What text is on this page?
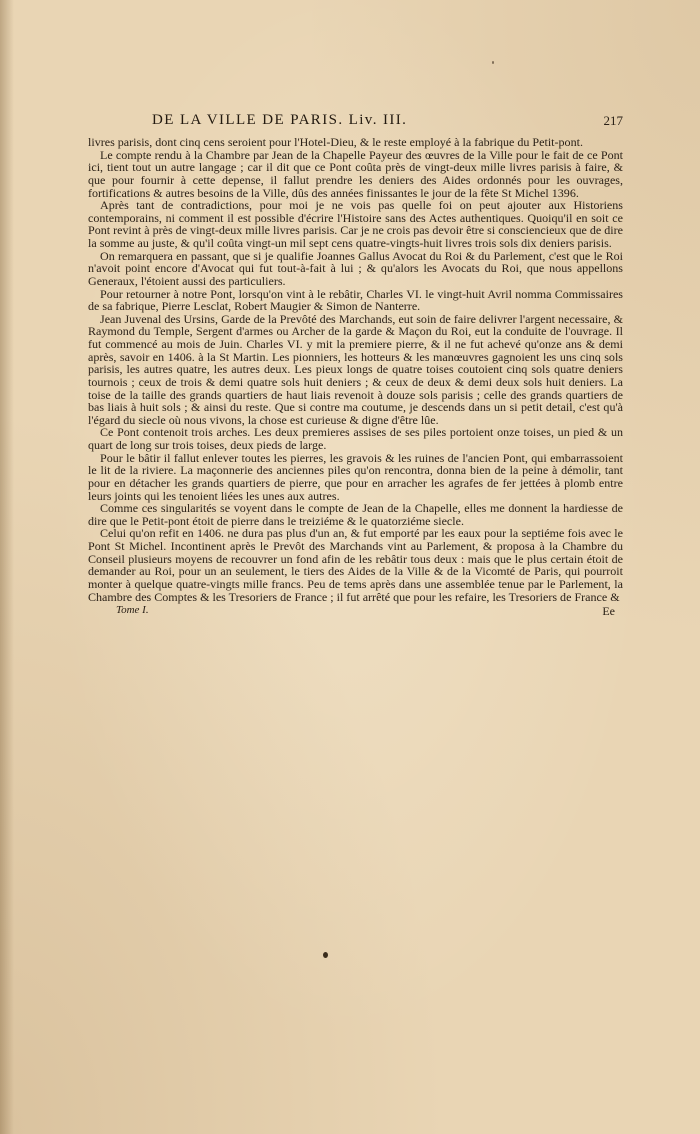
DE LA VILLE DE PARIS. Liv. III.	217

livres parisis, dont cinq cens seroient pour l'Hotel-Dieu, & le reste employé à la fabrique du Petit-pont.

Le compte rendu à la Chambre par Jean de la Chapelle Payeur des œuvres de la Ville pour le fait de ce Pont ici, tient tout un autre langage ; car il dit que ce Pont coûta près de vingt-deux mille livres parisis à faire, & que pour fournir à cette depense, il fallut prendre les deniers des Aides ordonnés pour les ouvrages, fortifications & autres besoins de la Ville, dûs des années finissantes le jour de la fête St Michel 1396.

Après tant de contradictions, pour moi je ne vois pas quelle foi on peut ajouter aux Historiens contemporains, ni comment il est possible d'écrire l'Histoire sans des Actes authentiques. Quoiqu'il en soit ce Pont revint à près de vingt-deux mille livres parisis. Car je ne crois pas devoir être si consciencieux que de dire la somme au juste, & qu'il coûta vingt-un mil sept cens quatre-vingts-huit livres trois sols dix deniers parisis.

On remarquera en passant, que si je qualifie Joannes Gallus Avocat du Roi & du Parlement, c'est que le Roi n'avoit point encore d'Avocat qui fut tout-à-fait à lui ; & qu'alors les Avocats du Roi, que nous appellons Generaux, l'étoient aussi des particuliers.

Pour retourner à notre Pont, lorsqu'on vint à le rebâtir, Charles VI. le vingt-huit Avril nomma Commissaires de sa fabrique, Pierre Lesclat, Robert Maugier & Simon de Nanterre.

Jean Juvenal des Ursins, Garde de la Prevôté des Marchands, eut soin de faire delivrer l'argent necessaire, & Raymond du Temple, Sergent d'armes ou Archer de la garde & Maçon du Roi, eut la conduite de l'ouvrage. Il fut commencé au mois de Juin. Charles VI. y mit la premiere pierre, & il ne fut achevé qu'onze ans & demi après, savoir en 1406. à la St Martin. Les pionniers, les hotteurs & les manœuvres gagnoient les uns cinq sols parisis, les autres quatre, les autres deux. Les pieux longs de quatre toises coutoient cinq sols quatre deniers tournois ; ceux de trois & demi quatre sols huit deniers ; & ceux de deux & demi deux sols huit deniers. La toise de la taille des grands quartiers de haut liais revenoit à douze sols parisis ; celle des grands quartiers de bas liais à huit sols ; & ainsi du reste. Que si contre ma coutume, je descends dans un si petit detail, c'est qu'à l'égard du siecle où nous vivons, la chose est curieuse & digne d'être lûe.

Ce Pont contenoit trois arches. Les deux premieres assises de ses piles portoient onze toises, un pied & un quart de long sur trois toises, deux pieds de large.

Pour le bâtir il fallut enlever toutes les pierres, les gravois & les ruines de l'ancien Pont, qui embarrassoient le lit de la riviere. La maçonnerie des anciennes piles qu'on rencontra, donna bien de la peine à démolir, tant pour en détacher les grands quartiers de pierre, que pour en arracher les agrafes de fer jettées à plomb entre leurs joints qui les tenoient liées les unes aux autres.

Comme ces singularités se voyent dans le compte de Jean de la Chapelle, elles me donnent la hardiesse de dire que le Petit-pont étoit de pierre dans le treiziéme & le quatorziéme siecle.

Celui qu'on refit en 1406. ne dura pas plus d'un an, & fut emporté par les eaux pour la septiéme fois avec le Pont St Michel. Incontinent après le Prevôt des Marchands vint au Parlement, & proposa à la Chambre du Conseil plusieurs moyens de recouvrer un fond afin de les rebâtir tous deux : mais que le plus certain étoit de demander au Roi, pour un an seulement, le tiers des Aides de la Ville & de la Vicomté de Paris, qui pourroit monter à quelque quatre-vingts mille francs. Peu de tems après dans une assemblée tenue par le Parlement, la Chambre des Comptes & les Tresoriers de France ; il fut arrêté que pour les refaire, les Tresoriers de France &

Tome I.	Ee
